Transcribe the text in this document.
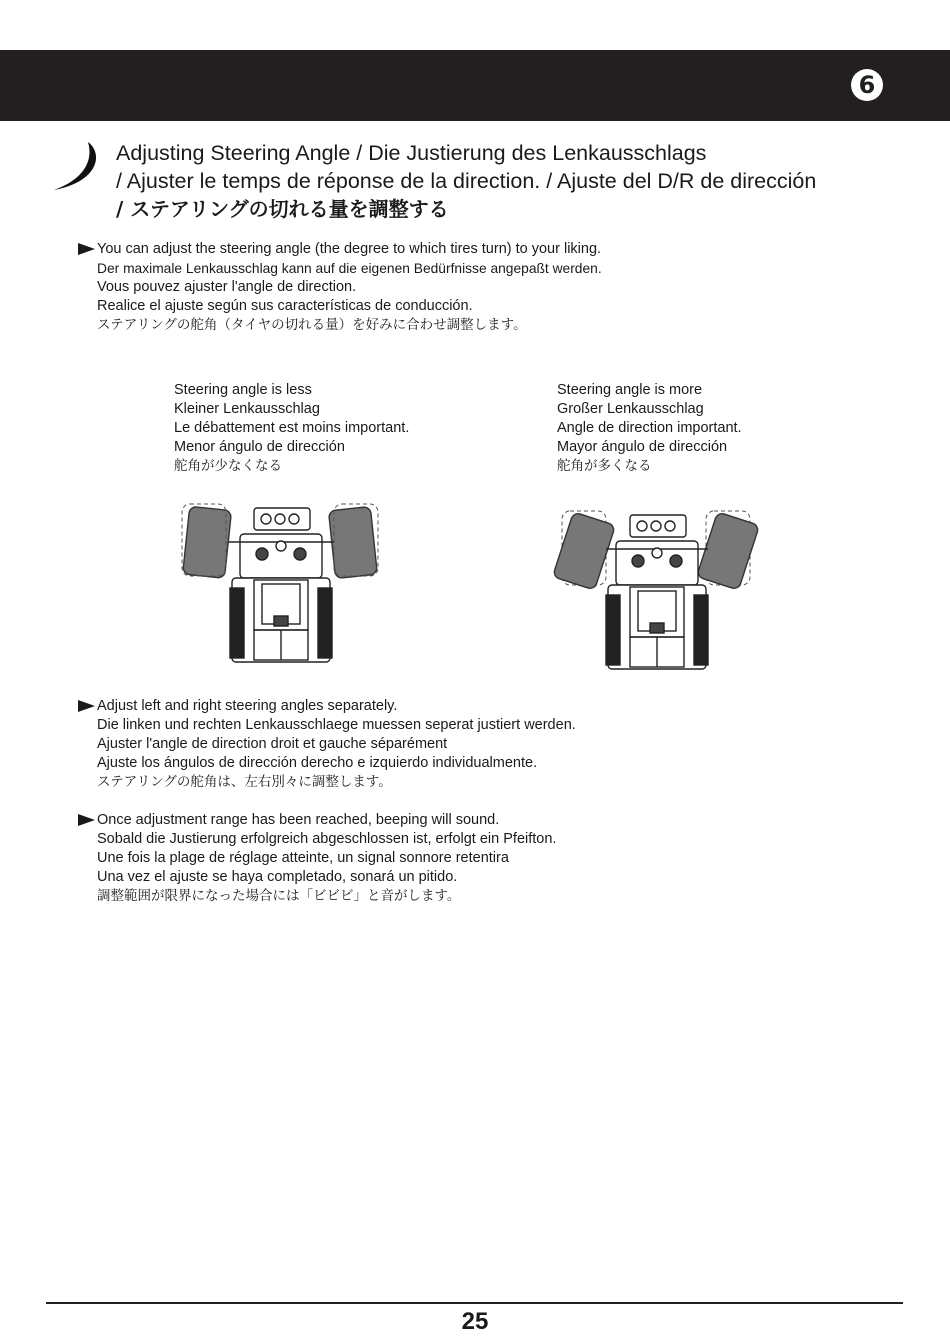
6
Adjusting Steering Angle / Die Justierung des Lenkausschlags
/ Ajuster le temps de réponse de la direction. / Ajuste del D/R de dirección
/ ステアリングの切れる量を調整する
You can adjust the steering angle (the degree to which tires turn) to your liking.
Der maximale Lenkausschlag kann auf die eigenen Bedürfnisse angepaßt werden.
Vous pouvez ajuster l'angle de direction.
Realice el ajuste según sus características de conducción.
ステアリングの舵角（タイヤの切れる量）を好みに合わせ調整します。
Steering angle is less
Kleiner Lenkausschlag
Le débattement est moins important.
Menor ángulo de dirección
舵角が少なくなる
Steering angle is more
Großer Lenkausschlag
Angle de direction important.
Mayor ángulo de dirección
舵角が多くなる
Adjust left and right steering angles separately.
Die linken und rechten Lenkausschlaege muessen seperat justiert werden.
Ajuster l'angle de direction droit et gauche séparément
Ajuste los ángulos de dirección derecho e izquierdo individualmente.
ステアリングの舵角は、左右別々に調整します。
Once adjustment range has been reached, beeping will sound.
Sobald die Justierung erfolgreich abgeschlossen ist, erfolgt ein Pfeifton.
Une fois la plage de réglage atteinte, un signal sonnore retentira
Una vez el ajuste se haya completado, sonará un pitido.
調整範囲が限界になった場合には「ビビビ」と音がします。
25
